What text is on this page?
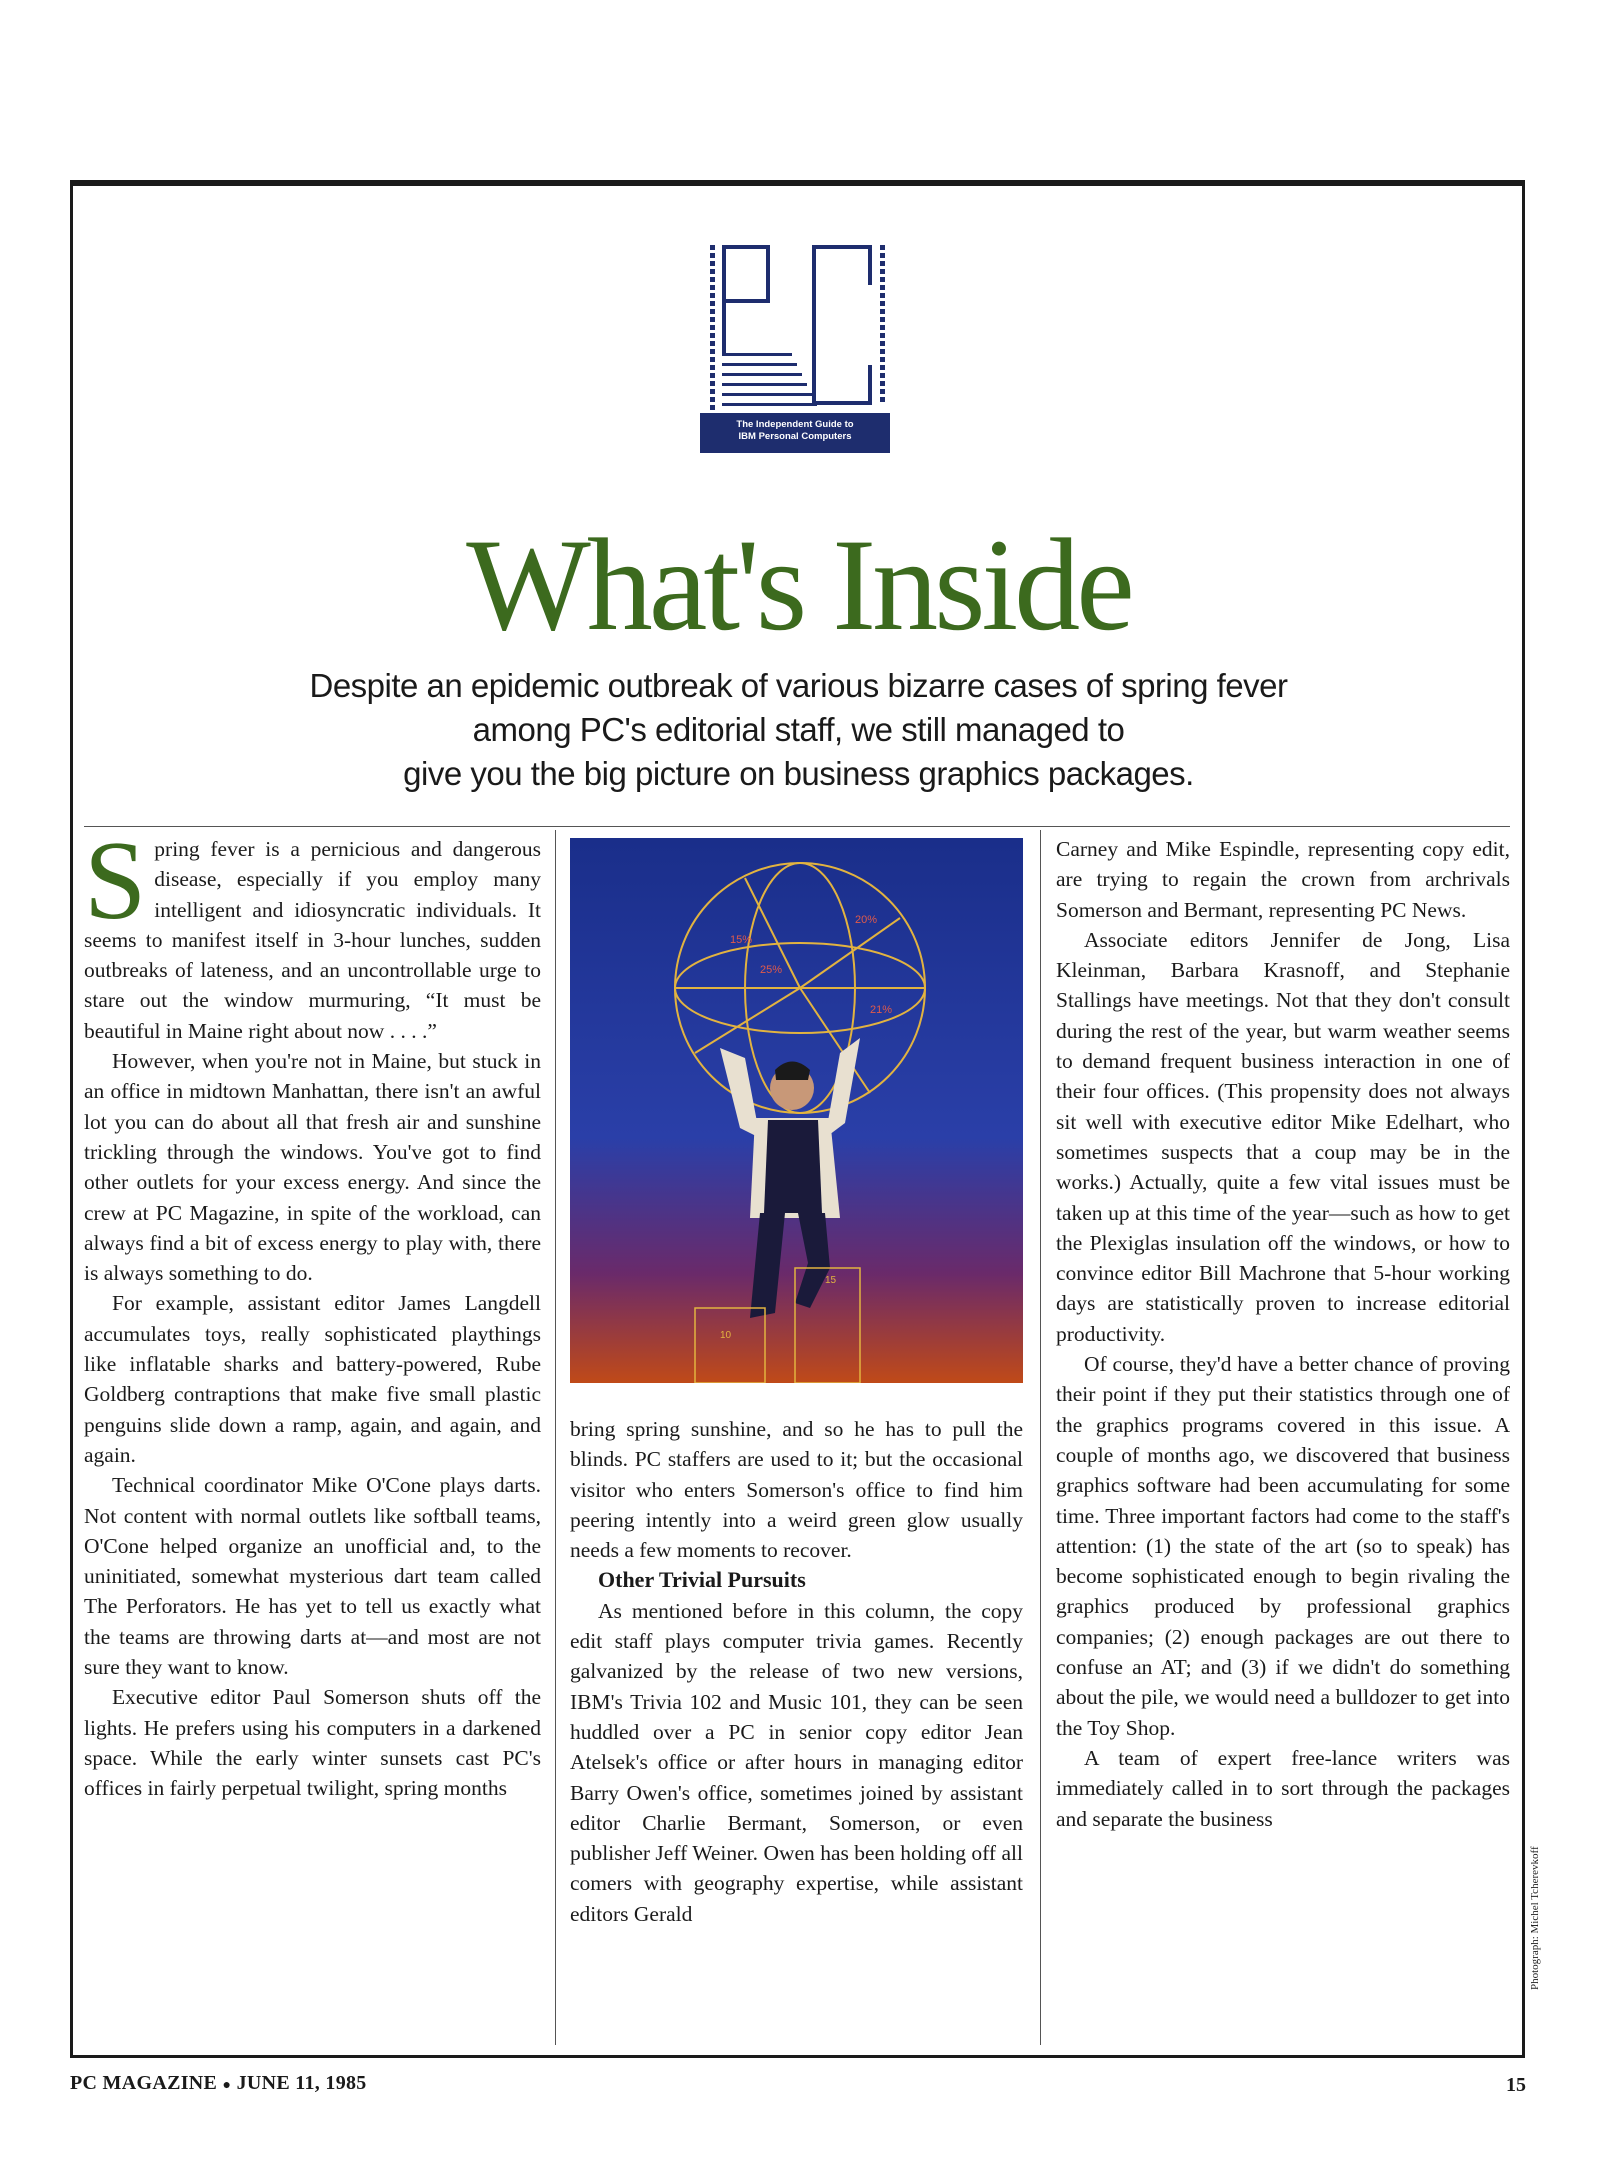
The Independent Guide to
IBM Personal Computers
What's Inside
Despite an epidemic outbreak of various bizarre cases of spring fever
among PC's editorial staff, we still managed to
give you the big picture on business graphics packages.

Spring fever is a pernicious and dangerous disease, especially if you employ many intelligent and idiosyncratic individuals. It seems to manifest itself in 3-hour lunches, sudden outbreaks of lateness, and an uncontrollable urge to stare out the window murmuring, “It must be beautiful in Maine right about now . . . .”

However, when you're not in Maine, but stuck in an office in midtown Manhattan, there isn't an awful lot you can do about all that fresh air and sunshine trickling through the windows. You've got to find other outlets for your excess energy. And since the crew at PC Magazine, in spite of the workload, can always find a bit of excess energy to play with, there is always something to do.

For example, assistant editor James Langdell accumulates toys, really sophisticated playthings like inflatable sharks and battery-powered, Rube Goldberg contraptions that make five small plastic penguins slide down a ramp, again, and again, and again.

Technical coordinator Mike O'Cone plays darts. Not content with normal outlets like softball teams, O'Cone helped organize an unofficial and, to the uninitiated, somewhat mysterious dart team called The Perforators. He has yet to tell us exactly what the teams are throwing darts at—and most are not sure they want to know.

Executive editor Paul Somerson shuts off the lights. He prefers using his computers in a darkened space. While the early winter sunsets cast PC's offices in fairly perpetual twilight, spring months

15%
20%
25%
21%
10
15

bring spring sunshine, and so he has to pull the blinds. PC staffers are used to it; but the occasional visitor who enters Somerson's office to find him peering intently into a weird green glow usually needs a few moments to recover.

Other Trivial Pursuits

As mentioned before in this column, the copy edit staff plays computer trivia games. Recently galvanized by the release of two new versions, IBM's Trivia 102 and Music 101, they can be seen huddled over a PC in senior copy editor Jean Atelsek's office or after hours in managing editor Barry Owen's office, sometimes joined by assistant editor Charlie Bermant, Somerson, or even publisher Jeff Weiner. Owen has been holding off all comers with geography expertise, while assistant editors Gerald

Carney and Mike Espindle, representing copy edit, are trying to regain the crown from archrivals Somerson and Bermant, representing PC News.

Associate editors Jennifer de Jong, Lisa Kleinman, Barbara Krasnoff, and Stephanie Stallings have meetings. Not that they don't consult during the rest of the year, but warm weather seems to demand frequent business interaction in one of their four offices. (This propensity does not always sit well with executive editor Mike Edelhart, who sometimes suspects that a coup may be in the works.) Actually, quite a few vital issues must be taken up at this time of the year—such as how to get the Plexiglas insulation off the windows, or how to convince editor Bill Machrone that 5-hour working days are statistically proven to increase editorial productivity.

Of course, they'd have a better chance of proving their point if they put their statistics through one of the graphics programs covered in this issue. A couple of months ago, we discovered that business graphics software had been accumulating for some time. Three important factors had come to the staff's attention: (1) the state of the art (so to speak) has become sophisticated enough to begin rivaling the graphics produced by professional graphics companies; (2) enough packages are out there to confuse an AT; and (3) if we didn't do something about the pile, we would need a bulldozer to get into the Toy Shop.

A team of expert free-lance writers was immediately called in to sort through the packages and separate the business

Photograph: Michel Tcherevkoff
PC MAGAZINE ● JUNE 11, 1985	15
